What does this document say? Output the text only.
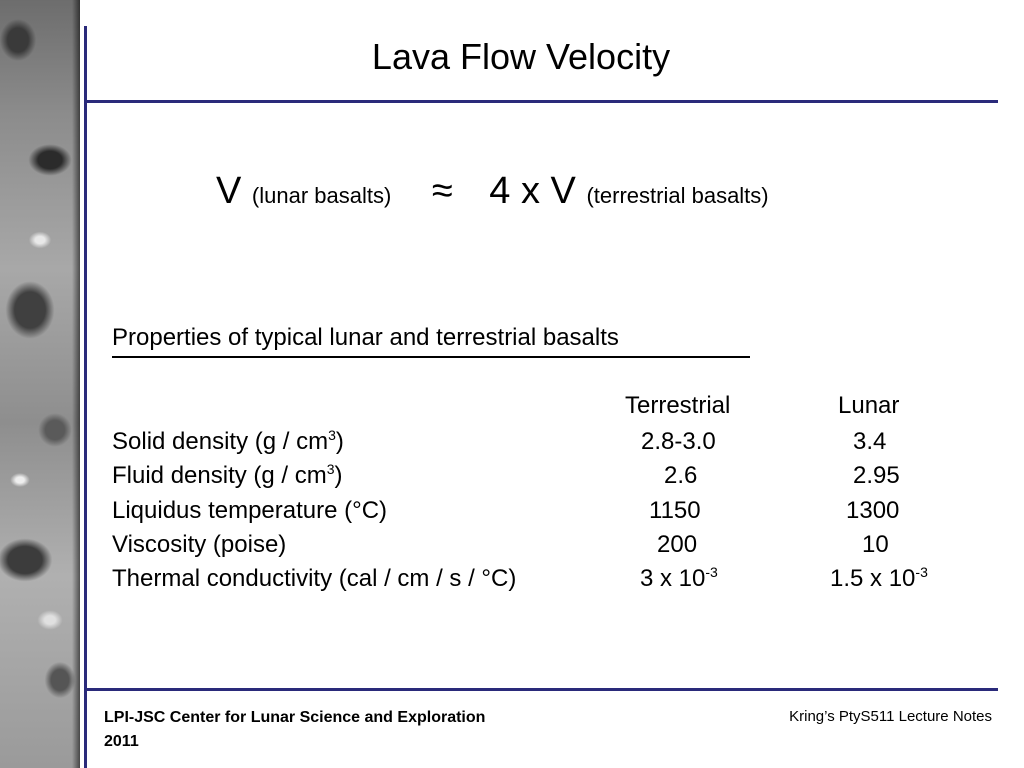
Lava Flow Velocity
V (lunar basalts) ≈ 4 x V (terrestrial basalts)
Properties of typical lunar and terrestrial basalts
Terrestrial	Lunar
Solid density $(g / cm^3)$	2.8-3.0	3.4
Fluid density $(g / cm^3)$	2.6	2.95
Liquidus temperature (°C)	1150	1300
Viscosity (poise)	200	10
Thermal conductivity (cal / cm / s / °C)	3 x $10^{-3}$	1.5 x $10^{-3}$
LPI-JSC Center for Lunar Science and Exploration
2011
Kring’s PtyS511 Lecture Notes
